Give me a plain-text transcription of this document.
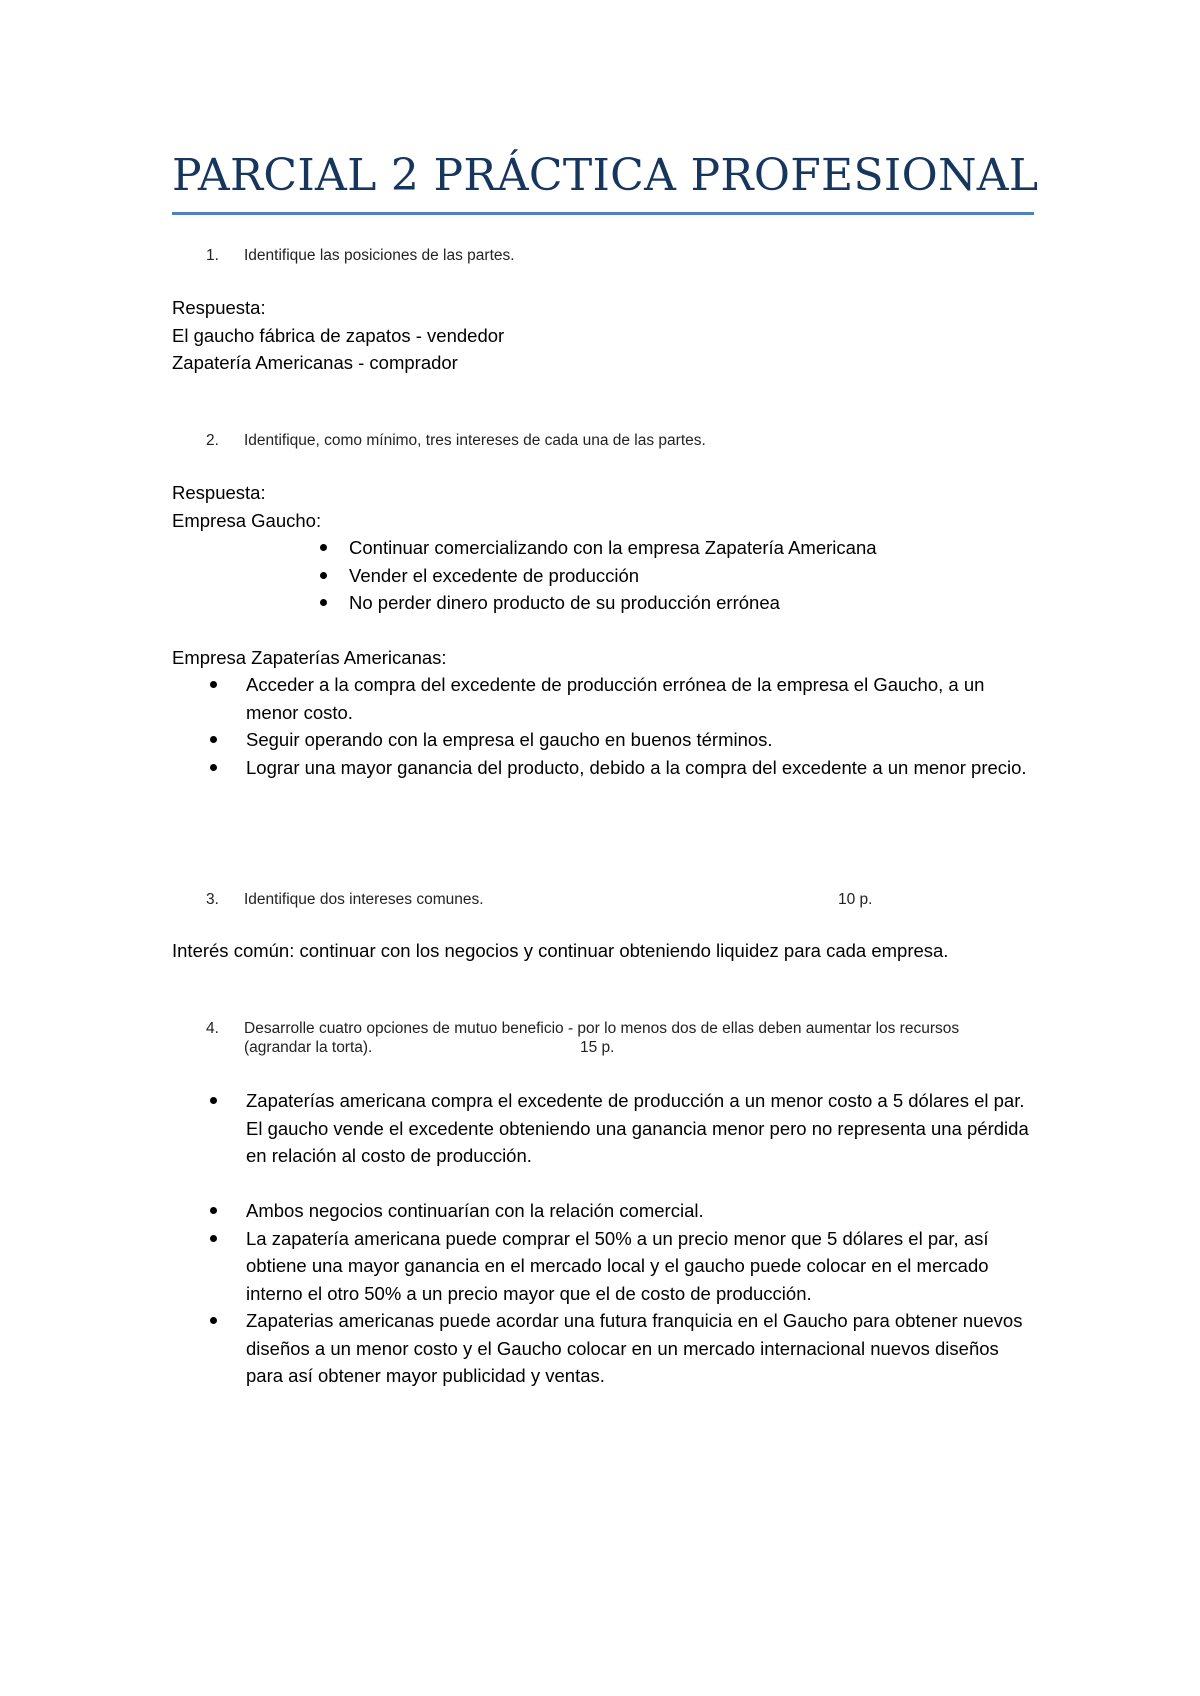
PARCIAL 2 PRÁCTICA PROFESIONAL
1. Identifique las posiciones de las partes.
Respuesta:
El gaucho fábrica de zapatos - vendedor
Zapatería Americanas - comprador
2. Identifique, como mínimo, tres intereses de cada una de las partes.
Respuesta:
Empresa Gaucho:
Continuar comercializando con la empresa Zapatería Americana
Vender el excedente de producción
No perder dinero producto de su producción errónea
Empresa Zapaterías Americanas:
Acceder a la compra del excedente de producción errónea de la empresa el Gaucho, a un menor costo.
Seguir operando con la empresa el gaucho en buenos términos.
Lograr una mayor ganancia del producto, debido a la compra del excedente a un menor precio.
3. Identifique dos intereses comunes.	10 p.
Interés común: continuar con los negocios y continuar obteniendo liquidez para cada empresa.
4. Desarrolle cuatro opciones de mutuo beneficio - por lo menos dos de ellas deben aumentar los recursos
(agrandar la torta).	15 p.
Zapaterías americana compra el excedente de producción a un menor costo a 5 dólares el par.
El gaucho vende el excedente obteniendo una ganancia menor pero no representa una pérdida en relación al costo de producción.
Ambos negocios continuarían con la relación comercial.
La zapatería americana puede comprar el 50% a un precio menor que 5 dólares el par, así obtiene una mayor ganancia en el mercado local y el gaucho puede colocar en el mercado interno el otro 50% a un precio mayor que el de costo de producción.
Zapaterias americanas puede acordar una futura franquicia en el Gaucho para obtener nuevos diseños a un menor costo y el Gaucho colocar en un mercado internacional nuevos diseños para así obtener mayor publicidad y ventas.
